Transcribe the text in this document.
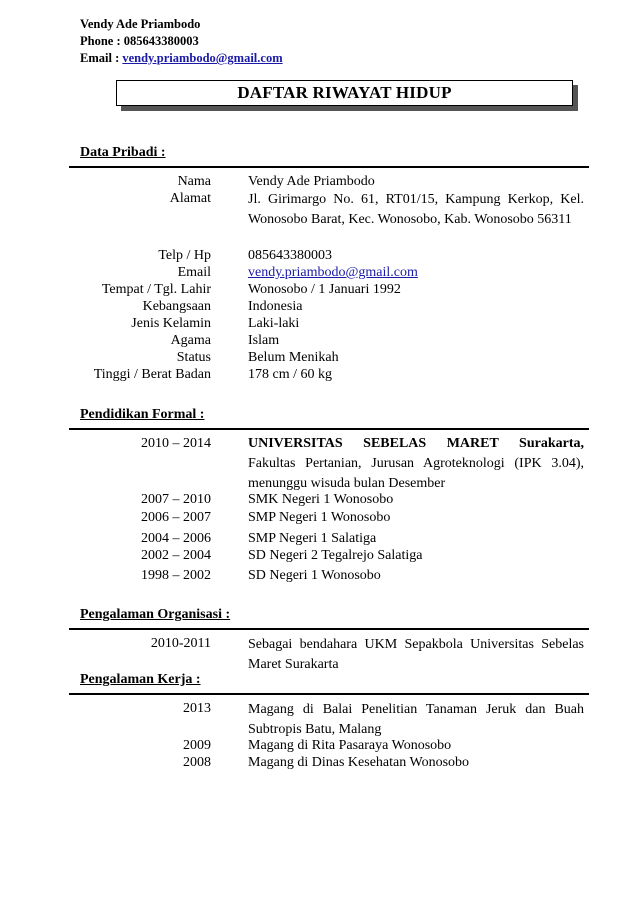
Vendy Ade Priambodo
Phone : 085643380003
Email : vendy.priambodo@gmail.com
DAFTAR RIWAYAT HIDUP
Data Pribadi :
Nama	Vendy Ade Priambodo
Alamat	Jl. Girimargo No. 61, RT01/15, Kampung Kerkop, Kel. Wonosobo Barat, Kec. Wonosobo, Kab. Wonosobo 56311
Telp / Hp	085643380003
Email	vendy.priambodo@gmail.com
Tempat / Tgl. Lahir	Wonosobo / 1 Januari 1992
Kebangsaan	Indonesia
Jenis Kelamin	Laki-laki
Agama	Islam
Status	Belum Menikah
Tinggi / Berat Badan	178 cm / 60 kg
Pendidikan Formal :
2010 – 2014	UNIVERSITAS SEBELAS MARET Surakarta,
Fakultas Pertanian, Jurusan Agroteknologi (IPK 3.04), menunggu wisuda bulan Desember
2007 – 2010	SMK Negeri 1 Wonosobo
2006 – 2007	SMP Negeri 1 Wonosobo
2004 – 2006	SMP Negeri 1 Salatiga
2002 – 2004	SD Negeri 2 Tegalrejo Salatiga
1998 – 2002	SD Negeri 1 Wonosobo
Pengalaman Organisasi :
2010-2011	Sebagai bendahara UKM Sepakbola Universitas Sebelas Maret Surakarta
Pengalaman Kerja :
2013	Magang di Balai Penelitian Tanaman Jeruk dan Buah Subtropis Batu, Malang
2009	Magang di Rita Pasaraya Wonosobo
2008	Magang di Dinas Kesehatan Wonosobo
